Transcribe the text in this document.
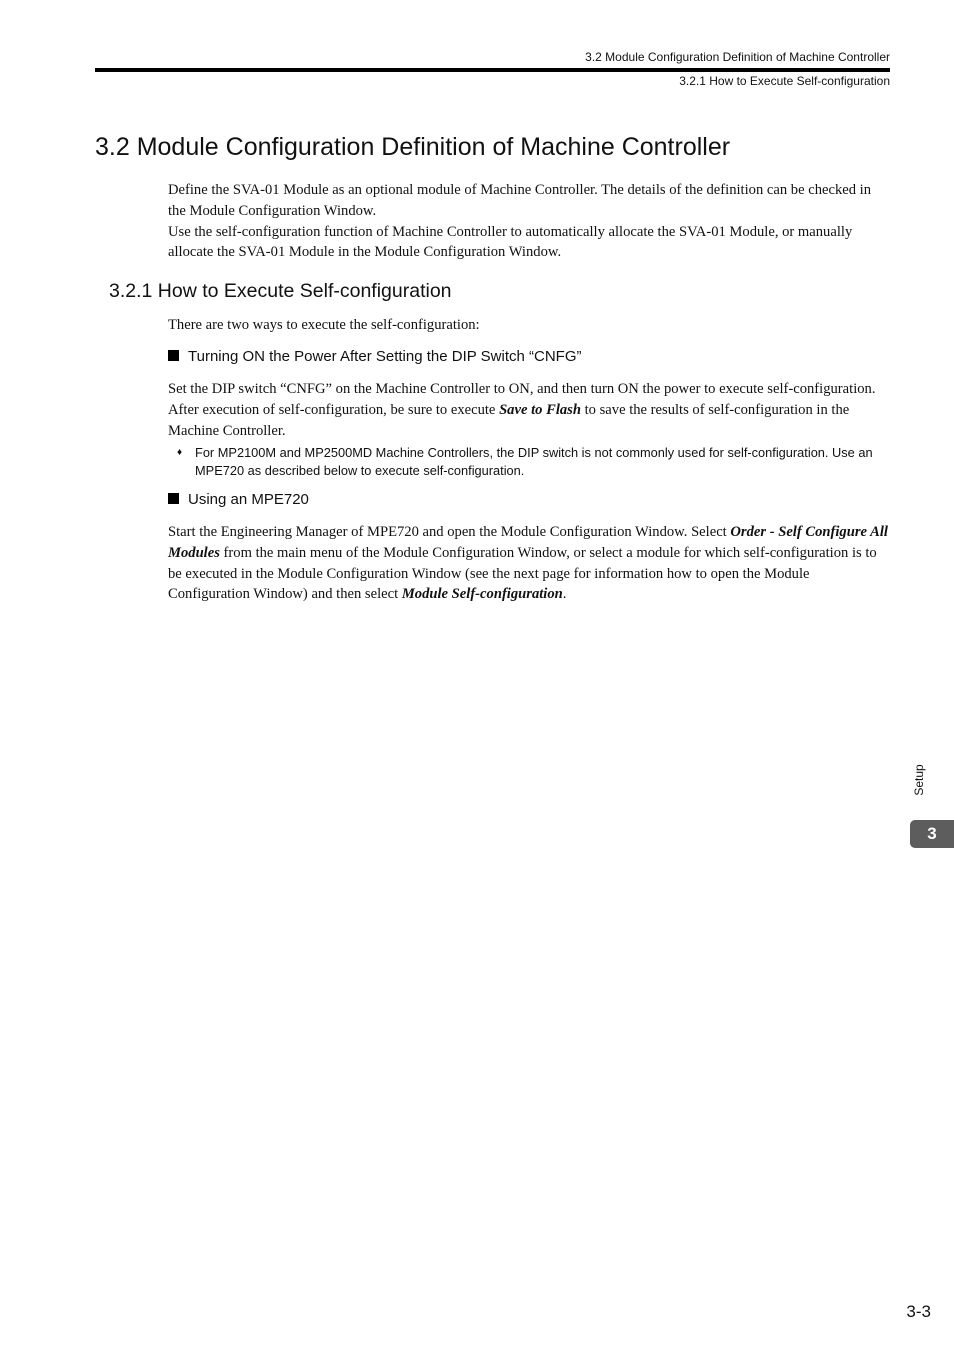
3.2 Module Configuration Definition of Machine Controller
3.2.1 How to Execute Self-configuration
3.2 Module Configuration Definition of Machine Controller

Define the SVA-01 Module as an optional module of Machine Controller. The details of the definition can be checked in the Module Configuration Window.

Use the self-configuration function of Machine Controller to automatically allocate the SVA-01 Module, or manually allocate the SVA-01 Module in the Module Configuration Window.

3.2.1 How to Execute Self-configuration

There are two ways to execute the self-configuration:

Turning ON the Power After Setting the DIP Switch “CNFG”

Set the DIP switch “CNFG” on the Machine Controller to ON, and then turn ON the power to execute self-configuration. After execution of self-configuration, be sure to execute Save to Flash to save the results of self-configuration in the Machine Controller.

♦ For MP2100M and MP2500MD Machine Controllers, the DIP switch is not commonly used for self-configuration. Use an MPE720 as described below to execute self-configuration.
Using an MPE720

Start the Engineering Manager of MPE720 and open the Module Configuration Window. Select Order - Self Configure All Modules from the main menu of the Module Configuration Window, or select a module for which self-configuration is to be executed in the Module Configuration Window (see the next page for information how to open the Module Configuration Window) and then select Module Self-configuration.

Setup
3
3-3
